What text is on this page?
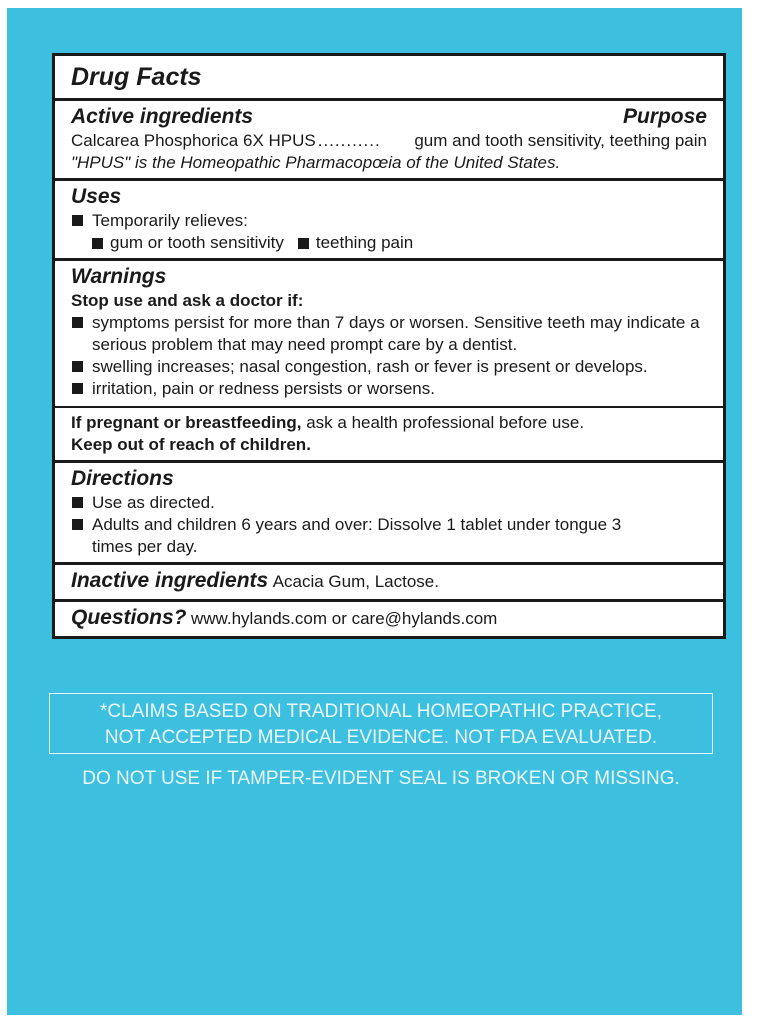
Drug Facts
Active ingredients	Purpose
Calcarea Phosphorica 6X HPUS ...........	gum and tooth sensitivity, teething pain
"HPUS" is the Homeopathic Pharmacopœia of the United States.
Uses
Temporarily relieves:
gum or tooth sensitivity teething pain
Warnings
Stop use and ask a doctor if:
symptoms persist for more than 7 days or worsen. Sensitive teeth may indicate a serious problem that may need prompt care by a dentist.
swelling increases; nasal congestion, rash or fever is present or develops.
irritation, pain or redness persists or worsens.
If pregnant or breastfeeding, ask a health professional before use.
Keep out of reach of children.
Directions
Use as directed.
Adults and children 6 years and over: Dissolve 1 tablet under tongue 3 times per day.
Inactive ingredients Acacia Gum, Lactose.
Questions? www.hylands.com or care@hylands.com
*CLAIMS BASED ON TRADITIONAL HOMEOPATHIC PRACTICE,
NOT ACCEPTED MEDICAL EVIDENCE. NOT FDA EVALUATED.
DO NOT USE IF TAMPER-EVIDENT SEAL IS BROKEN OR MISSING.
